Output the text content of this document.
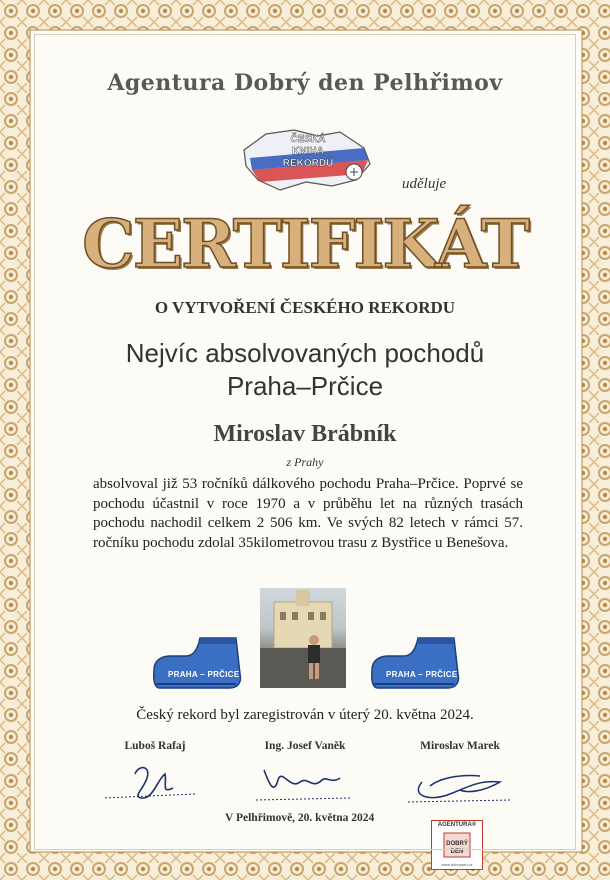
Agentura Dobrý den Pelhřimov
ČESKÁ
KNIHA
REKORDŮ
uděluje
CERTIFIKÁT
O VYTVOŘENÍ ČESKÉHO REKORDU
Nejvíc absolvovaných pochodů
Praha–Prčice
Miroslav Brábník
z Prahy
absolvoval již 53 ročníků dálkového pochodu Praha–Prčice. Poprvé se pochodu účastnil v roce 1970 a v průběhu let na různých trasách pochodu nachodil celkem 2 506 km. Ve svých 82 letech v rámci 57. ročníku pochodu zdolal 35kilometrovou trasu z Bystřice u Benešova.
PRAHA – PRČICE	PRAHA – PRČICE
Český rekord byl zaregistrován v úterý 20. května 2024.
Luboš Rafaj	Ing. Josef Vaněk	Miroslav Marek
V Pelhřimově, 20. května 2024
AGENTURA®
DOBRÝ
DEN
www.dobryden.cz
